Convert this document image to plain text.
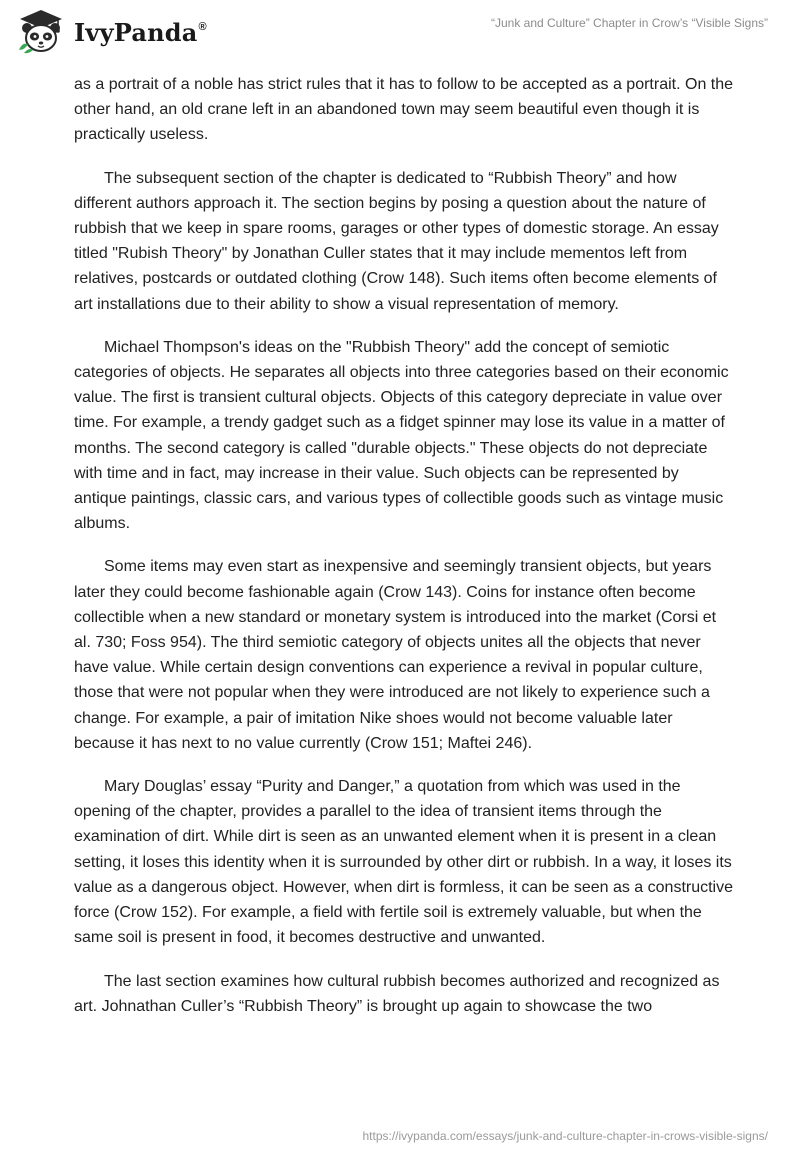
IvyPanda®	“Junk and Culture” Chapter in Crow’s “Visible Signs”

as a portrait of a noble has strict rules that it has to follow to be accepted as a portrait. On the other hand, an old crane left in an abandoned town may seem beautiful even though it is practically useless.

The subsequent section of the chapter is dedicated to “Rubbish Theory” and how different authors approach it. The section begins by posing a question about the nature of rubbish that we keep in spare rooms, garages or other types of domestic storage. An essay titled "Rubish Theory" by Jonathan Culler states that it may include mementos left from relatives, postcards or outdated clothing (Crow 148). Such items often become elements of art installations due to their ability to show a visual representation of memory.

Michael Thompson's ideas on the "Rubbish Theory" add the concept of semiotic categories of objects. He separates all objects into three categories based on their economic value. The first is transient cultural objects. Objects of this category depreciate in value over time. For example, a trendy gadget such as a fidget spinner may lose its value in a matter of months. The second category is called "durable objects." These objects do not depreciate with time and in fact, may increase in their value. Such objects can be represented by antique paintings, classic cars, and various types of collectible goods such as vintage music albums.

Some items may even start as inexpensive and seemingly transient objects, but years later they could become fashionable again (Crow 143). Coins for instance often become collectible when a new standard or monetary system is introduced into the market (Corsi et al. 730; Foss 954). The third semiotic category of objects unites all the objects that never have value. While certain design conventions can experience a revival in popular culture, those that were not popular when they were introduced are not likely to experience such a change. For example, a pair of imitation Nike shoes would not become valuable later because it has next to no value currently (Crow 151; Maftei 246).

Mary Douglas’ essay “Purity and Danger,” a quotation from which was used in the opening of the chapter, provides a parallel to the idea of transient items through the examination of dirt. While dirt is seen as an unwanted element when it is present in a clean setting, it loses this identity when it is surrounded by other dirt or rubbish. In a way, it loses its value as a dangerous object. However, when dirt is formless, it can be seen as a constructive force (Crow 152). For example, a field with fertile soil is extremely valuable, but when the same soil is present in food, it becomes destructive and unwanted.

The last section examines how cultural rubbish becomes authorized and recognized as art. Johnathan Culler’s “Rubbish Theory” is brought up again to showcase the two

https://ivypanda.com/essays/junk-and-culture-chapter-in-crows-visible-signs/
